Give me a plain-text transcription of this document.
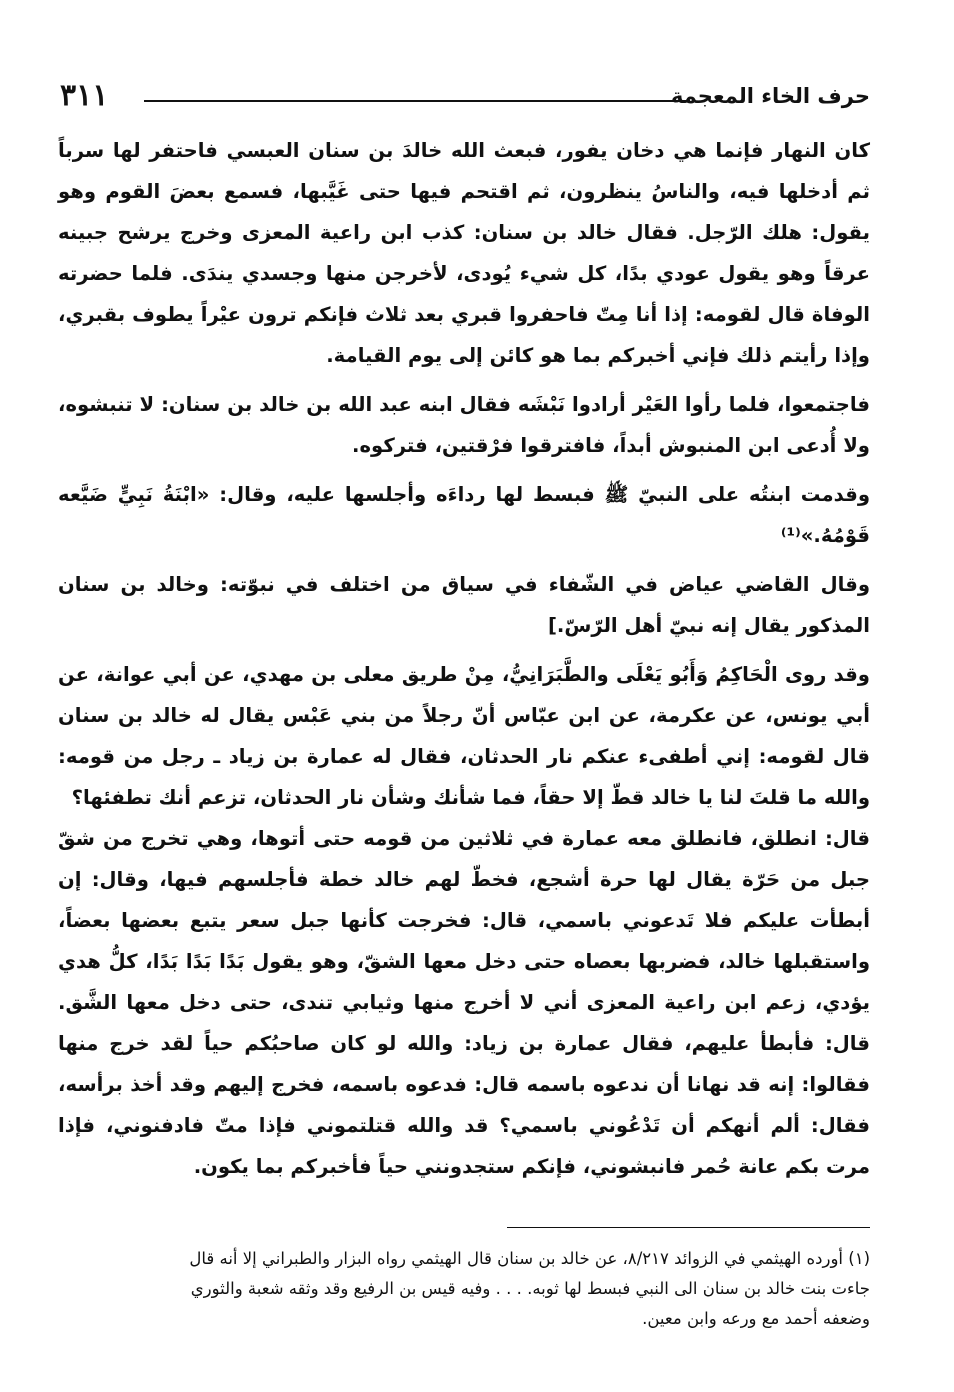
٣١١	حرف الخاء المعجمة

كان النهار فإنما هي دخان يفور، فبعث الله خالدَ بن سنان العبسي فاحتفر لها سرباً ثم أدخلها فيه، والناسُ ينظرون، ثم اقتحم فيها حتى غَيَّبها، فسمع بعضَ القوم وهو يقول: هلك الرّجل. فقال خالد بن سنان: كذب ابن راعية المعزى وخرج يرشح جبينه عرقاً وهو يقول عودي بدًا، كل شيء يُودى، لأخرجن منها وجسدي يندَى. فلما حضرته الوفاة قال لقومه: إذا أنا مِتّ فاحفروا قبري بعد ثلاث فإنكم ترون عيْراً يطوف بقبري، وإذا رأيتم ذلك فإني أخبركم بما هو كائن إلى يوم القيامة.

فاجتمعوا، فلما رأوا العَيْر أرادوا نَبْشَه فقال ابنه عبد الله بن خالد بن سنان: لا تنبشوه، ولا أُدعى ابن المنبوش أبداً، فافترقوا فرْقتين، فتركوه.

وقدمت ابنتُه على النبيّ ﷺ فبسط لها رداءَه وأجلسها عليه، وقال: «ابْنَةُ نَبِيٍّ ضَيَّعه قَوْمُهُ.»⁽¹⁾

وقال القاضي عياض في الشّفاء في سياق من اختلف في نبوّته: وخالد بن سنان المذكور يقال إنه نبيّ أهل الرّسّ.]

وقد روى الْحَاكِمُ وَأَبُو يَعْلَى والطَّبَرَانِيُّ، مِنْ طريق معلى بن مهدي، عن أبي عوانة، عن أبي يونس، عن عكرمة، عن ابن عبّاس أنّ رجلاً من بني عَبْس يقال له خالد بن سنان قال لقومه: إني أطفىء عنكم نار الحدثان، فقال له عمارة بن زياد ـ رجل من قومه: والله ما قلتَ لنا يا خالد قطّ إلا حقاً، فما شأنك وشأن نار الحدثان، تزعم أنك تطفئها؟

قال: انطلق، فانطلق معه عمارة في ثلاثين من قومه حتى أتوها، وهي تخرج من شقّ جبل من حَرّة يقال لها حرة أشجع، فخطّ لهم خالد خطة فأجلسهم فيها، وقال: إن أبطأت عليكم فلا تَدعوني باسمي، قال: فخرجت كأنها جبل سعر يتبع بعضها بعضاً، واستقبلها خالد، فضربها بعصاه حتى دخل معها الشقّ، وهو يقول بَدًا بَدًا بَدًا، كلُّ هدي يؤدي، زعم ابن راعية المعزى أني لا أخرج منها وثيابي تندى، حتى دخل معها الشَّق. قال: فأبطأ عليهم، فقال عمارة بن زياد: والله لو كان صاحبُكم حياً لقد خرج منها فقالوا: إنه قد نهانا أن ندعوه باسمه قال: فدعوه باسمه، فخرج إليهم وقد أخذ برأسه، فقال: ألم أنهكم أن تَدْعُوني باسمي؟ قد والله قتلتموني فإذا متّ فادفنوني، فإذا مرت بكم عانة حُمر فانبشوني، فإنكم ستجدونني حياً فأخبركم بما يكون.

(١) أورده الهيثمي في الزوائد ٨/٢١٧، عن خالد بن سنان قال الهيثمي رواه البزار والطبراني إلا أنه قال

جاءت بنت خالد بن سنان الى النبي فبسط لها ثوبه. . . . وفيه قيس بن الرفيع وقد وثقه شعبة والثوري

وضعفه أحمد مع ورعه وابن معين.
